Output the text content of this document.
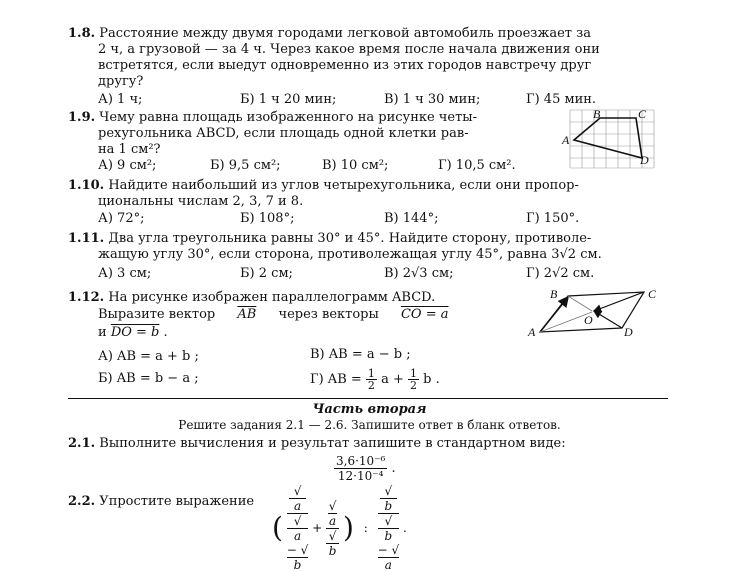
1.8. Расстояние между двумя городами легковой автомобиль проезжает за
2 ч, а грузовой — за 4 ч. Через какое время после начала движения они
встретятся, если выедут одновременно из этих городов навстречу друг
другу?
А) 1 ч;	Б) 1 ч 20 мин;	В) 1 ч 30 мин;	Г) 45 мин.
1.9. Чему равна площадь изображенного на рисунке четы-
рехугольника ABCD, если площадь одной клетки рав-
на 1 см²?
А) 9 см²;	Б) 9,5 см²;	В) 10 см²;	Г) 10,5 см².
A
B	C
D
1.10. Найдите наибольший из углов четырехугольника, если они пропор-
циональны числам 2, 3, 7 и 8.
А) 72°;	Б) 108°;	В) 144°;	Г) 150°.
1.11. Два угла треугольника равны 30° и 45°. Найдите сторону, противоле-
жащую углу 30°, если сторона, противолежащая углу 45°, равна 3√2 см.
А) 3 см;	Б) 2 см;	В) 2√3 см;	Г) 2√2 см.
1.12. На рисунке изображен параллелограмм ABCD.
Выразите вектор $\overline{AB}$ через векторы CO = a
и DO = b .
А) AB = a + b ;	В) AB = a − b ;
Б) AB = b − a ;	Г) AB = $\frac{1}{2}$ $a + \frac{1}{2}$ b .
A
B	C
D
O
Часть вторая
Решите задания 2.1 — 2.6. Запишите ответ в бланк ответов.
2.1. Выполните вычисления и результат запишите в стандартном виде:
$\frac{\text{3,6·10⁻⁶}}{\text{12·10⁻⁴}}$ .
2.2. Упростите выражение
( √
a
√
a
− √
b + √
a
√
b ) : √
b
√
b
− √
a .
